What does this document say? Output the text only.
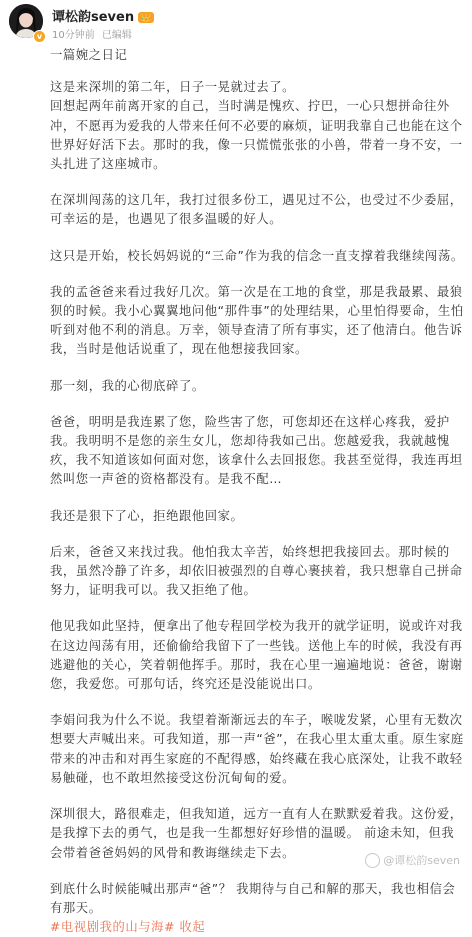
v
谭松韵seven 👑
10分钟前 已编辑

一篇婉之日记

这是来深圳的第二年，日子一晃就过去了。
回想起两年前离开家的自己，当时满是愧疚、拧巴，一心只想拼命往外冲，不愿再为爱我的人带来任何不必要的麻烦，证明我靠自己也能在这个世界好好活下去。那时的我，像一只慌慌张张的小兽，带着一身不安，一头扎进了这座城市。

在深圳闯荡的这几年，我打过很多份工，遇见过不公，也受过不少委屈，可幸运的是，也遇见了很多温暖的好人。

这只是开始，校长妈妈说的“三命”作为我的信念一直支撑着我继续闯荡。

我的孟爸爸来看过我好几次。第一次是在工地的食堂，那是我最累、最狼狈的时候。我小心翼翼地问他“那件事”的处理结果，心里怕得要命，生怕听到对他不利的消息。万幸，领导查清了所有事实，还了他清白。他告诉我，当时是他话说重了，现在他想接我回家。

那一刻，我的心彻底碎了。

爸爸，明明是我连累了您，险些害了您，可您却还在这样心疼我，爱护我。我明明不是您的亲生女儿，您却待我如己出。您越爱我，我就越愧疚，我不知道该如何面对您，该拿什么去回报您。我甚至觉得，我连再坦然叫您一声爸的资格都没有。是我不配…

我还是狠下了心，拒绝跟他回家。

后来，爸爸又来找过我。他怕我太辛苦，始终想把我接回去。那时候的我，虽然冷静了许多，却依旧被强烈的自尊心裹挟着，我只想靠自己拼命努力，证明我可以。我又拒绝了他。

他见我如此坚持，便拿出了他专程回学校为我开的就学证明，说或许对我在这边闯荡有用，还偷偷给我留下了一些钱。送他上车的时候，我没有再逃避他的关心，笑着朝他挥手。那时，我在心里一遍遍地说：爸爸，谢谢您，我爱您。可那句话，终究还是没能说出口。

李娟问我为什么不说。我望着渐渐远去的车子，喉咙发紧，心里有无数次想要大声喊出来。可我知道，那一声“爸”，在我心里太重太重。原生家庭带来的冲击和对再生家庭的不配得感，始终藏在我心底深处，让我不敢轻易触碰，也不敢坦然接受这份沉甸甸的爱。

深圳很大，路很难走，但我知道，远方一直有人在默默爱着我。这份爱，是我撑下去的勇气，也是我一生都想好好珍惜的温暖。 前途未知，但我会带着爸爸妈妈的风骨和教诲继续走下去。

到底什么时候能喊出那声“爸”？ 我期待与自己和解的那天，我也相信会有那天。
#电视剧我的山与海# 收起
@谭松韵seven
